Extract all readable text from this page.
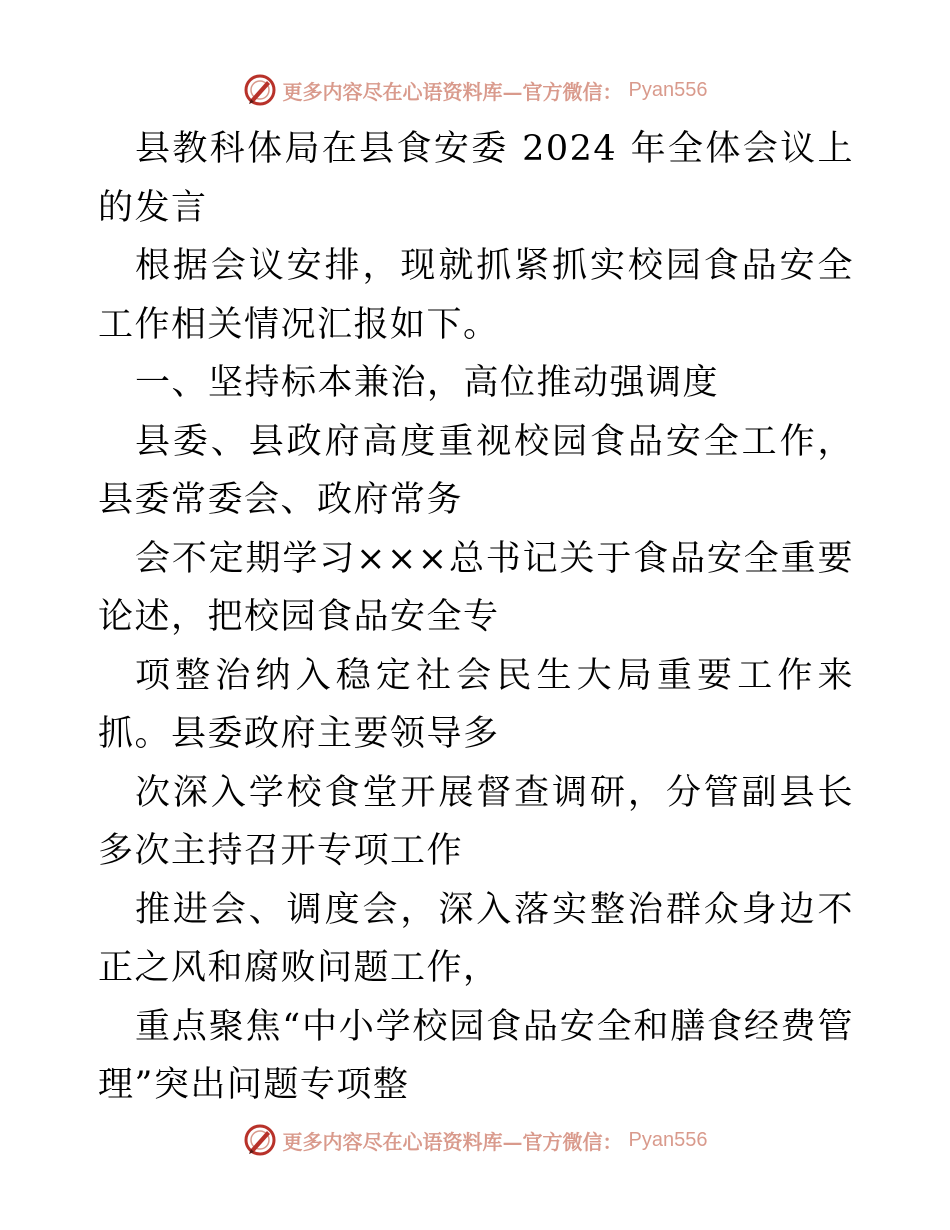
更多内容尽在心语资料库—官方微信： Pyan556

县教科体局在县食安委 2024 年全体会议上的发言

根据会议安排，现就抓紧抓实校园食品安全工作相关情况汇报如下。

一、坚持标本兼治，高位推动强调度

县委、县政府高度重视校园食品安全工作，县委常委会、政府常务

会不定期学习×××总书记关于食品安全重要论述，把校园食品安全专

项整治纳入稳定社会民生大局重要工作来抓。县委政府主要领导多

次深入学校食堂开展督查调研，分管副县长多次主持召开专项工作

推进会、调度会，深入落实整治群众身边不正之风和腐败问题工作，

重点聚焦“中小学校园食品安全和膳食经费管理”突出问题专项整

更多内容尽在心语资料库—官方微信： Pyan556
